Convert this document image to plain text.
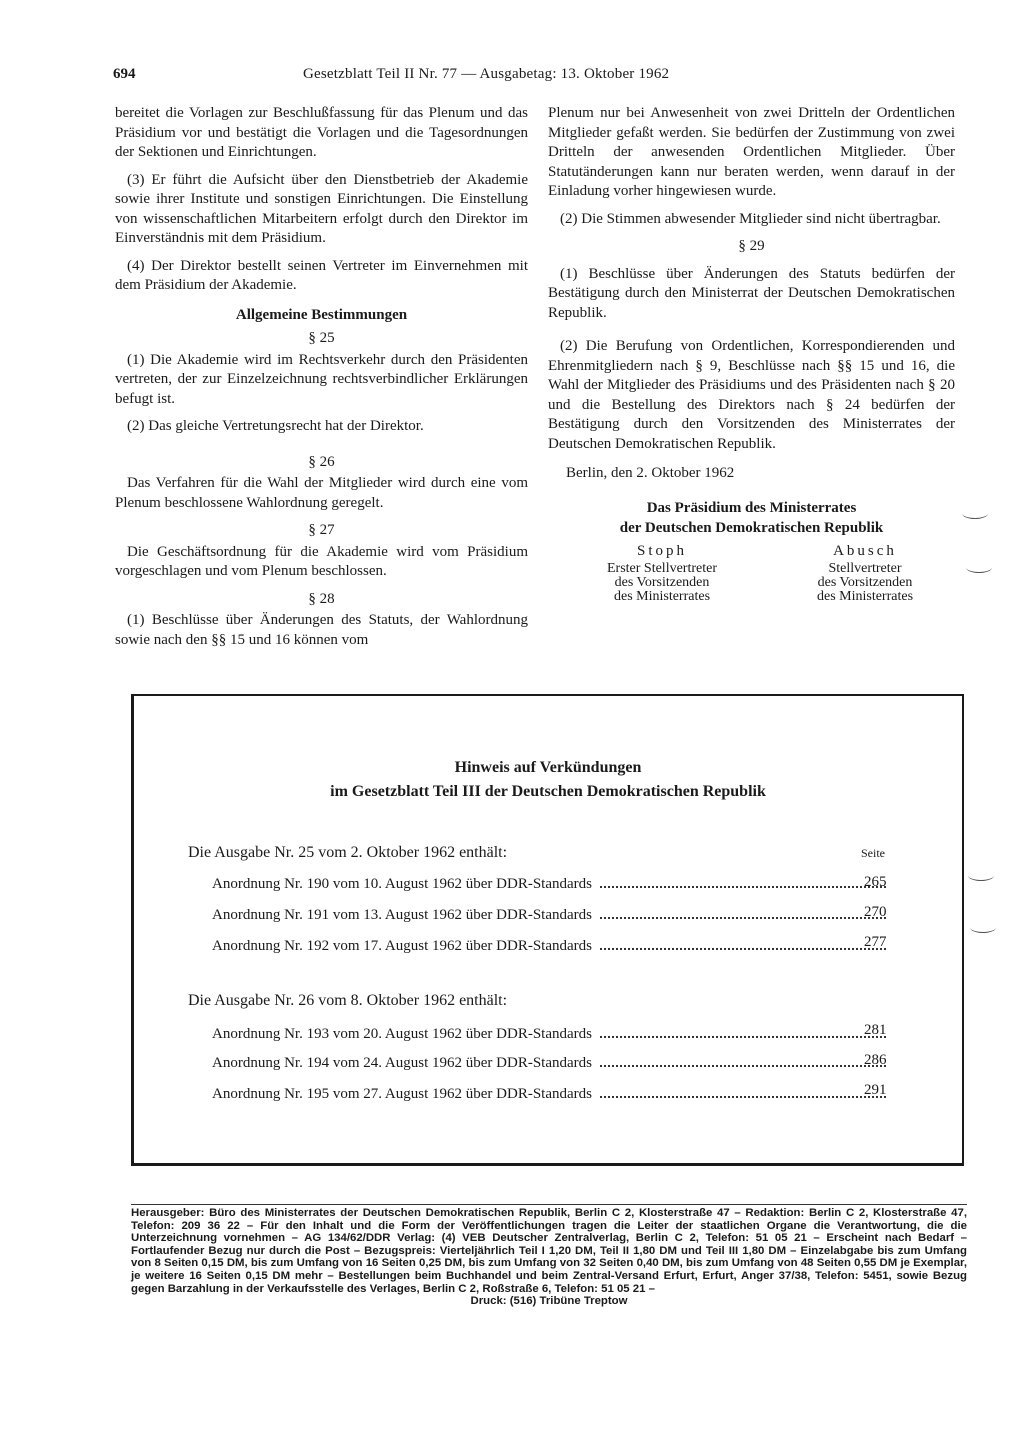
694	Gesetzblatt Teil II Nr. 77 — Ausgabetag: 13. Oktober 1962

bereitet die Vorlagen zur Beschlußfassung für das Plenum und das Präsidium vor und bestätigt die Vorlagen und die Tagesordnungen der Sektionen und Einrichtungen.

(3) Er führt die Aufsicht über den Dienstbetrieb der Akademie sowie ihrer Institute und sonstigen Einrichtungen. Die Einstellung von wissenschaftlichen Mitarbeitern erfolgt durch den Direktor im Einverständnis mit dem Präsidium.

(4) Der Direktor bestellt seinen Vertreter im Einvernehmen mit dem Präsidium der Akademie.

Allgemeine Bestimmungen
§ 25

(1) Die Akademie wird im Rechtsverkehr durch den Präsidenten vertreten, der zur Einzelzeichnung rechtsverbindlicher Erklärungen befugt ist.

(2) Das gleiche Vertretungsrecht hat der Direktor.

§ 26

Das Verfahren für die Wahl der Mitglieder wird durch eine vom Plenum beschlossene Wahlordnung geregelt.

§ 27

Die Geschäftsordnung für die Akademie wird vom Präsidium vorgeschlagen und vom Plenum beschlossen.

§ 28

(1) Beschlüsse über Änderungen des Statuts, der Wahlordnung sowie nach den §§ 15 und 16 können vom

Plenum nur bei Anwesenheit von zwei Dritteln der Ordentlichen Mitglieder gefaßt werden. Sie bedürfen der Zustimmung von zwei Dritteln der anwesenden Ordentlichen Mitglieder. Über Statutänderungen kann nur beraten werden, wenn darauf in der Einladung vorher hingewiesen wurde.

(2) Die Stimmen abwesender Mitglieder sind nicht übertragbar.

§ 29

(1) Beschlüsse über Änderungen des Statuts bedürfen der Bestätigung durch den Ministerrat der Deutschen Demokratischen Republik.

(2) Die Berufung von Ordentlichen, Korrespondierenden und Ehrenmitgliedern nach § 9, Beschlüsse nach §§ 15 und 16, die Wahl der Mitglieder des Präsidiums und des Präsidenten nach § 20 und die Bestellung des Direktors nach § 24 bedürfen der Bestätigung durch den Vorsitzenden des Ministerrates der Deutschen Demokratischen Republik.

Berlin, den 2. Oktober 1962
Das Präsidium des Ministerrates
der Deutschen Demokratischen Republik
Stoph
Erster Stellvertreter
des Vorsitzenden
des Ministerrates
Abusch
Stellvertreter
des Vorsitzenden
des Ministerrates
Hinweis auf Verkündungen
im Gesetzblatt Teil III der Deutschen Demokratischen Republik
Die Ausgabe Nr. 25 vom 2. Oktober 1962 enthält:	Seite
Anordnung Nr. 190 vom 10. August 1962 über DDR-Standards	265
Anordnung Nr. 191 vom 13. August 1962 über DDR-Standards	270
Anordnung Nr. 192 vom 17. August 1962 über DDR-Standards	277
Die Ausgabe Nr. 26 vom 8. Oktober 1962 enthält:
Anordnung Nr. 193 vom 20. August 1962 über DDR-Standards	281
Anordnung Nr. 194 vom 24. August 1962 über DDR-Standards	286
Anordnung Nr. 195 vom 27. August 1962 über DDR-Standards	291
Herausgeber: Büro des Ministerrates der Deutschen Demokratischen Republik, Berlin C 2, Klosterstraße 47 – Redaktion: Berlin C 2, Klosterstraße 47, Telefon: 209 36 22 – Für den Inhalt und die Form der Veröffentlichungen tragen die Leiter der staatlichen Organe die Verantwortung, die die Unterzeichnung vornehmen – AG 134/62/DDR Verlag: (4) VEB Deutscher Zentralverlag, Berlin C 2, Telefon: 51 05 21 – Erscheint nach Bedarf – Fortlaufender Bezug nur durch die Post – Bezugspreis: Vierteljährlich Teil I 1,20 DM, Teil II 1,80 DM und Teil III 1,80 DM – Einzelabgabe bis zum Umfang von 8 Seiten 0,15 DM, bis zum Umfang von 16 Seiten 0,25 DM, bis zum Umfang von 32 Seiten 0,40 DM, bis zum Umfang von 48 Seiten 0,55 DM je Exemplar, je weitere 16 Seiten 0,15 DM mehr – Bestellungen beim Buchhandel und beim Zentral-Versand Erfurt, Erfurt, Anger 37/38, Telefon: 5451, sowie Bezug gegen Barzahlung in der Verkaufsstelle des Verlages, Berlin C 2, Roßstraße 6, Telefon: 51 05 21 –
Druck: (516) Tribüne Treptow
